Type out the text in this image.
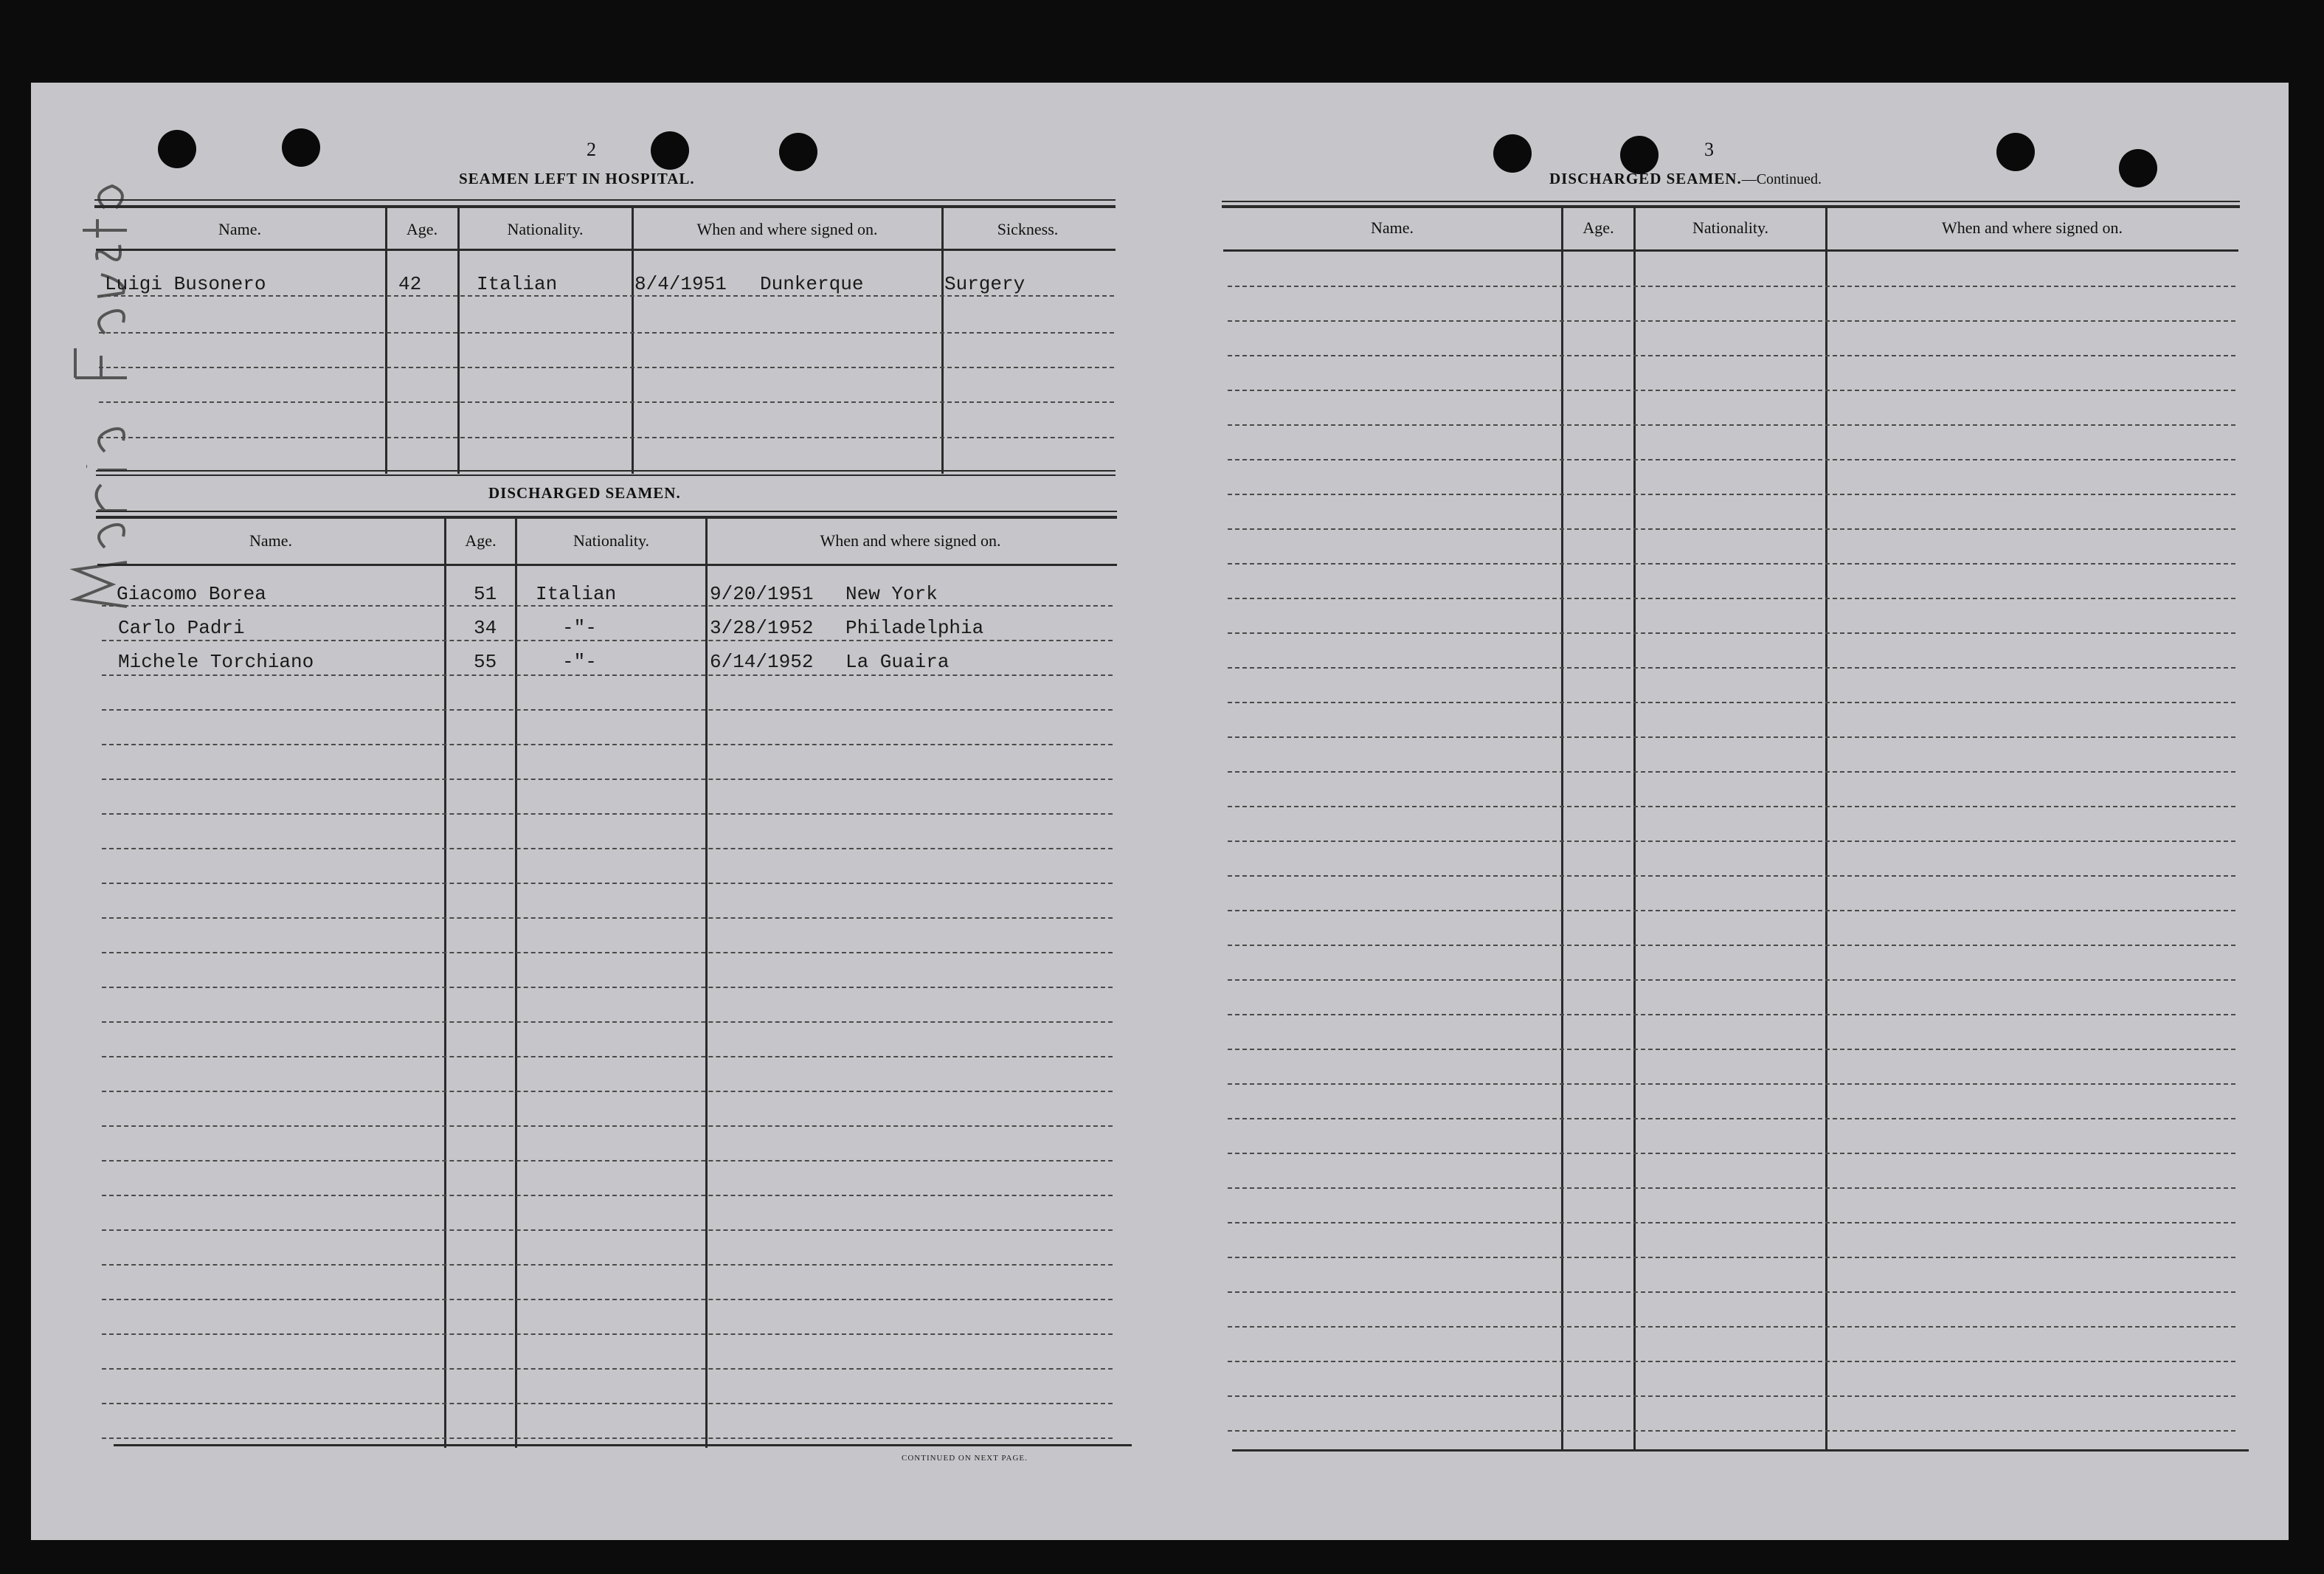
2
SEAMEN LEFT IN HOSPITAL.
Name.	Age.	Nationality.	When and where signed on.	Sickness.
Luigi Busonero	42	Italian	8/4/1951 Dunkerque	Surgery
DISCHARGED SEAMEN.
Name.	Age.	Nationality.	When and where signed on.
Giacomo Borea	51 Italian	9/20/1951 New York
Carlo Padri	34	-"-	3/28/1952 Philadelphia
Michele Torchiano	55	-"-	6/14/1952 La Guaira
CONTINUED ON NEXT PAGE.
3
DISCHARGED SEAMEN.—Continued.
Name.	Age.	Nationality.	When and where signed on.
